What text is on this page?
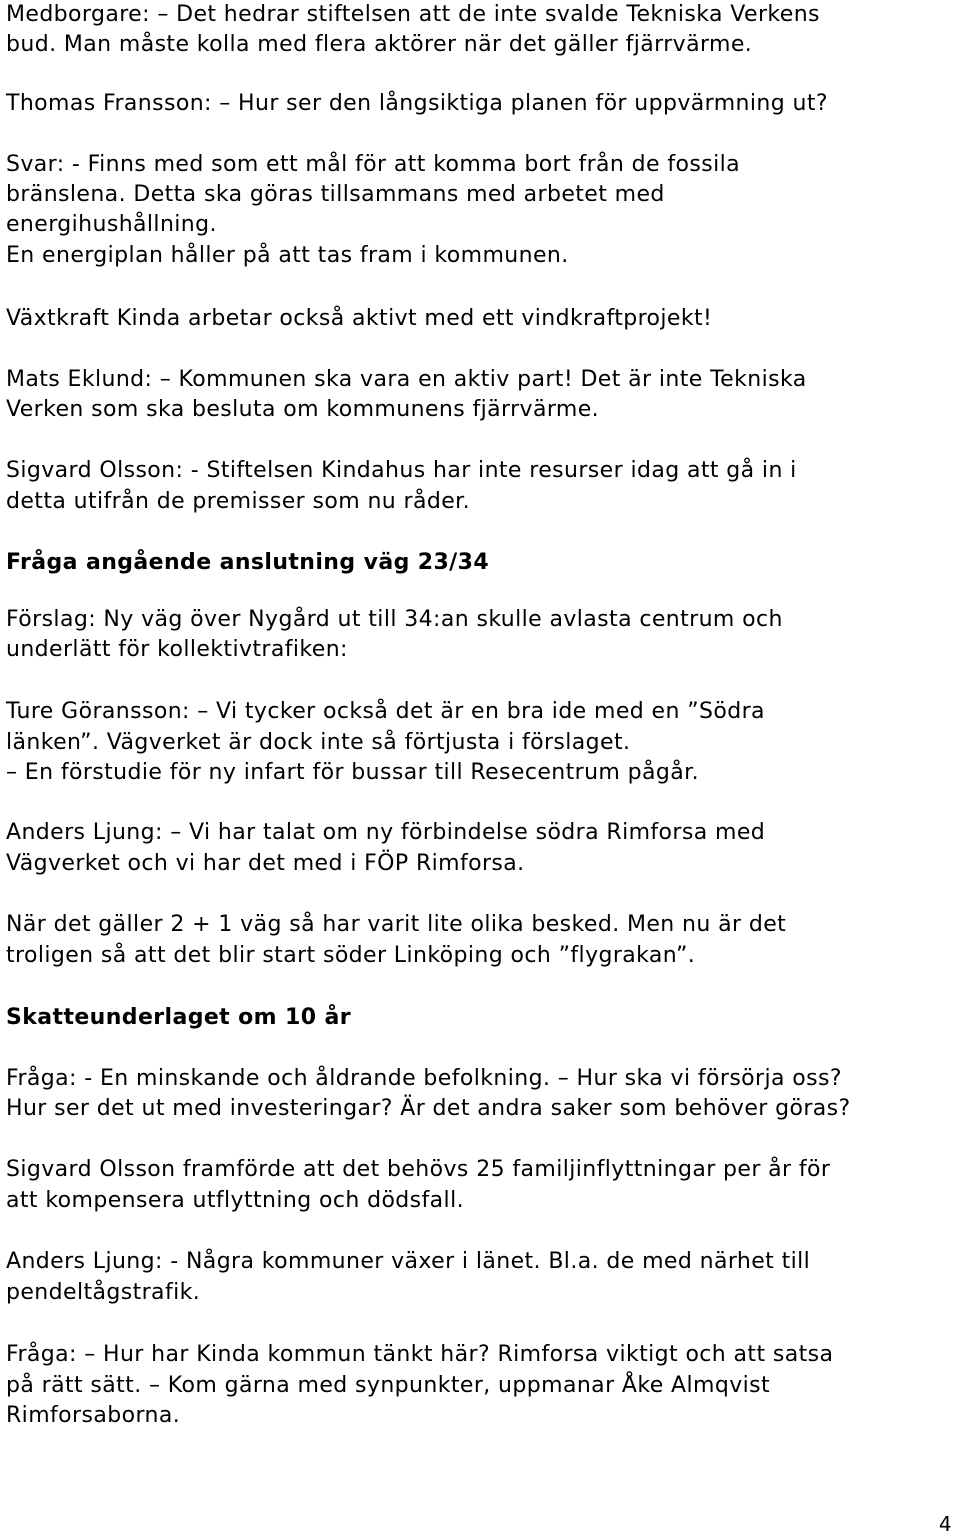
Medborgare: – Det hedrar stiftelsen att de inte svalde Tekniska Verkens
bud. Man måste kolla med flera aktörer när det gäller fjärrvärme.
Thomas Fransson: – Hur ser den långsiktiga planen för uppvärmning ut?
Svar: - Finns med som ett mål för att komma bort från de fossila
bränslena. Detta ska göras tillsammans med arbetet med
energihushållning.
En energiplan håller på att tas fram i kommunen.
Växtkraft Kinda arbetar också aktivt med ett vindkraftprojekt!
Mats Eklund: – Kommunen ska vara en aktiv part! Det är inte Tekniska
Verken som ska besluta om kommunens fjärrvärme.
Sigvard Olsson: - Stiftelsen Kindahus har inte resurser idag att gå in i
detta utifrån de premisser som nu råder.
Fråga angående anslutning väg 23/34
Förslag: Ny väg över Nygård ut till 34:an skulle avlasta centrum och
underlätt för kollektivtrafiken:
Ture Göransson: – Vi tycker också det är en bra ide med en ”Södra
länken”. Vägverket är dock inte så förtjusta i förslaget.
– En förstudie för ny infart för bussar till Resecentrum pågår.
Anders Ljung: – Vi har talat om ny förbindelse södra Rimforsa med
Vägverket och vi har det med i FÖP Rimforsa.
När det gäller 2 + 1 väg så har varit lite olika besked. Men nu är det
troligen så att det blir start söder Linköping och ”flygrakan”.
Skatteunderlaget om 10 år
Fråga: - En minskande och åldrande befolkning. – Hur ska vi försörja oss?
Hur ser det ut med investeringar? Är det andra saker som behöver göras?
Sigvard Olsson framförde att det behövs 25 familjinflyttningar per år för
att kompensera utflyttning och dödsfall.
Anders Ljung: - Några kommuner växer i länet. Bl.a. de med närhet till
pendeltågstrafik.
Fråga: – Hur har Kinda kommun tänkt här? Rimforsa viktigt och att satsa
på rätt sätt. – Kom gärna med synpunkter, uppmanar Åke Almqvist
Rimforsaborna.
4
